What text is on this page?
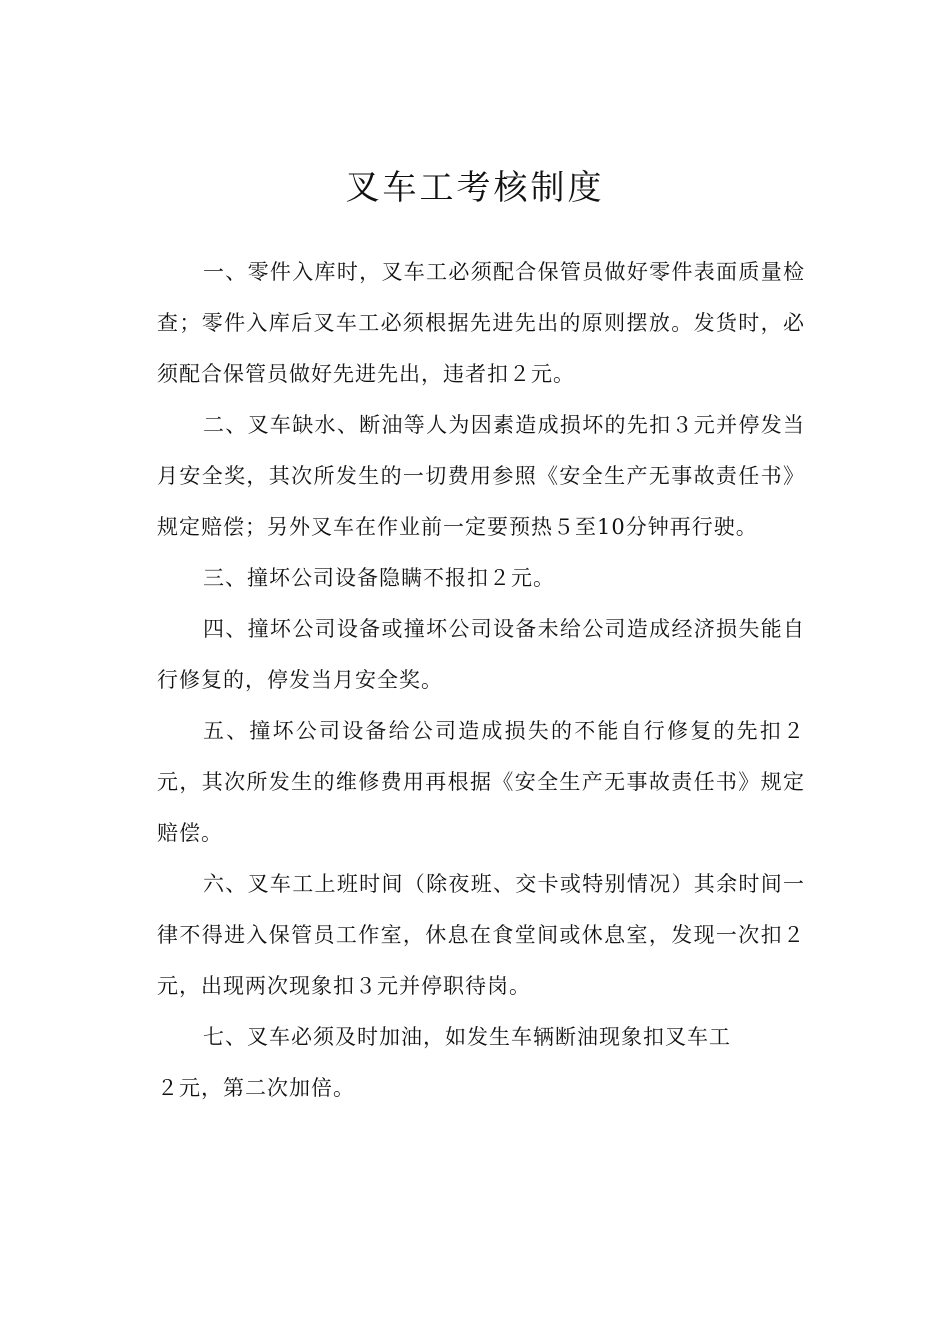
叉车工考核制度

一、零件入库时，叉车工必须配合保管员做好零件表面质量检查；零件入库后叉车工必须根据先进先出的原则摆放。发货时，必须配合保管员做好先进先出，违者扣２元。

二、叉车缺水、断油等人为因素造成损坏的先扣３元并停发当月安全奖，其次所发生的一切费用参照《安全生产无事故责任书》规定赔偿；另外叉车在作业前一定要预热５至10分钟再行驶。

三、撞坏公司设备隐瞒不报扣２元。

四、撞坏公司设备或撞坏公司设备未给公司造成经济损失能自行修复的，停发当月安全奖。

五、撞坏公司设备给公司造成损失的不能自行修复的先扣２元，其次所发生的维修费用再根据《安全生产无事故责任书》规定赔偿。

六、叉车工上班时间（除夜班、交卡或特别情况）其余时间一律不得进入保管员工作室，休息在食堂间或休息室，发现一次扣２元，出现两次现象扣３元并停职待岗。

七、叉车必须及时加油，如发生车辆断油现象扣叉车工

２元，第二次加倍。
